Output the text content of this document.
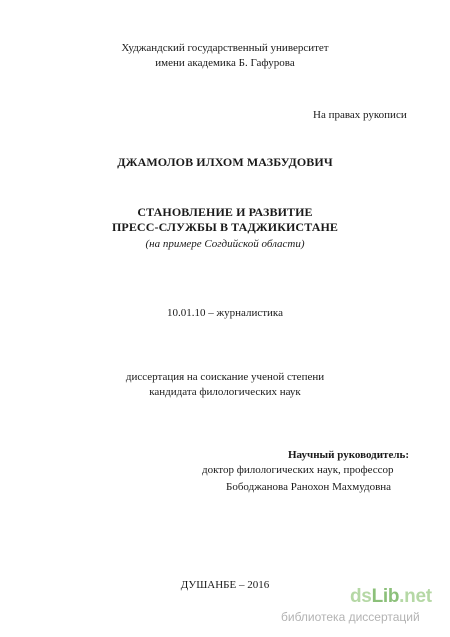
Худжандский государственный университет
имени академика Б. Гафурова
На правах рукописи
ДЖАМОЛОВ ИЛХОМ МАЗБУДОВИЧ
СТАНОВЛЕНИЕ И РАЗВИТИЕ
ПРЕСС-СЛУЖБЫ В ТАДЖИКИСТАНЕ
(на примере Согдийской области)
10.01.10 – журналистика
диссертация на соискание ученой степени
кандидата филологических наук
Научный руководитель:
доктор филологических наук, профессор
Бободжанова Ранохон Махмудовна
ДУШАНБЕ – 2016
dsLib.net
библиотека диссертаций
